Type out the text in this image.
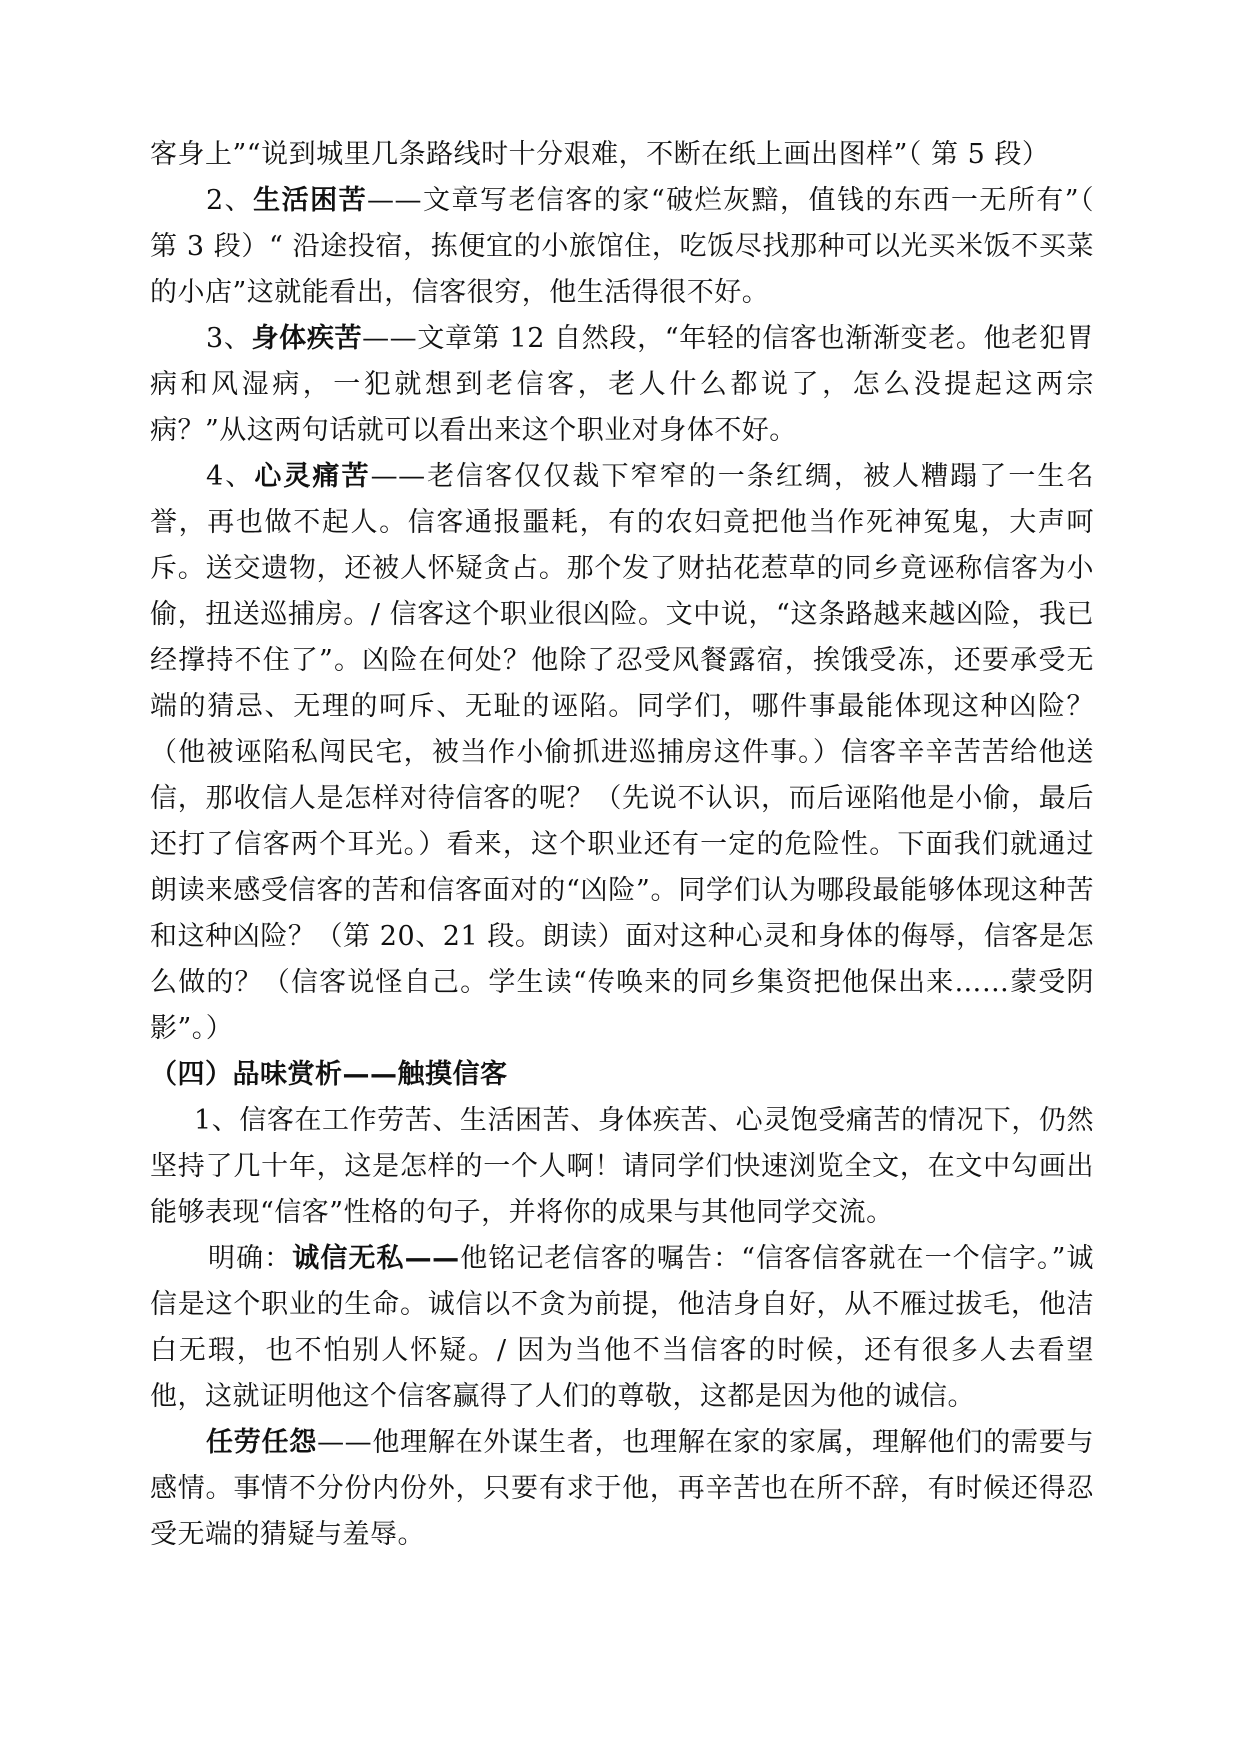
客身上”“说到城里几条路线时十分艰难，不断在纸上画出图样”（ 第 5 段）

2、生活困苦——文章写老信客的家“破烂灰黯，值钱的东西一无所有”（ 第 3 段）“ 沿途投宿，拣便宜的小旅馆住，吃饭尽找那种可以光买米饭不买菜的小店”这就能看出，信客很穷，他生活得很不好。

3、身体疾苦——文章第 12 自然段，“年轻的信客也渐渐变老。他老犯胃病和风湿病，一犯就想到老信客，老人什么都说了，怎么没提起这两宗病？”从这两句话就可以看出来这个职业对身体不好。

4、心灵痛苦——老信客仅仅裁下窄窄的一条红绸，被人糟蹋了一生名誉，再也做不起人。信客通报噩耗，有的农妇竟把他当作死神冤鬼，大声呵斥。送交遗物，还被人怀疑贪占。那个发了财拈花惹草的同乡竟诬称信客为小偷，扭送巡捕房。/ 信客这个职业很凶险。文中说，“这条路越来越凶险，我已经撑持不住了”。凶险在何处？他除了忍受风餐露宿，挨饿受冻，还要承受无端的猜忌、无理的呵斥、无耻的诬陷。同学们，哪件事最能体现这种凶险？（他被诬陷私闯民宅，被当作小偷抓进巡捕房这件事。）信客辛辛苦苦给他送信，那收信人是怎样对待信客的呢？（先说不认识，而后诬陷他是小偷，最后还打了信客两个耳光。）看来，这个职业还有一定的危险性。下面我们就通过朗读来感受信客的苦和信客面对的“凶险”。同学们认为哪段最能够体现这种苦和这种凶险？（第 20、21 段。朗读）面对这种心灵和身体的侮辱，信客是怎么做的？（信客说怪自己。学生读“传唤来的同乡集资把他保出来……蒙受阴影”。）

（四）品味赏析——触摸信客

1、信客在工作劳苦、生活困苦、身体疾苦、心灵饱受痛苦的情况下，仍然坚持了几十年，这是怎样的一个人啊！请同学们快速浏览全文，在文中勾画出能够表现“信客”性格的句子，并将你的成果与其他同学交流。

明确：诚信无私——他铭记老信客的嘱告：“信客信客就在一个信字。”诚信是这个职业的生命。诚信以不贪为前提，他洁身自好，从不雁过拔毛，他洁白无瑕，也不怕别人怀疑。/ 因为当他不当信客的时候，还有很多人去看望他，这就证明他这个信客赢得了人们的尊敬，这都是因为他的诚信。

任劳任怨——他理解在外谋生者，也理解在家的家属，理解他们的需要与感情。事情不分份内份外，只要有求于他，再辛苦也在所不辞，有时候还得忍受无端的猜疑与羞辱。
